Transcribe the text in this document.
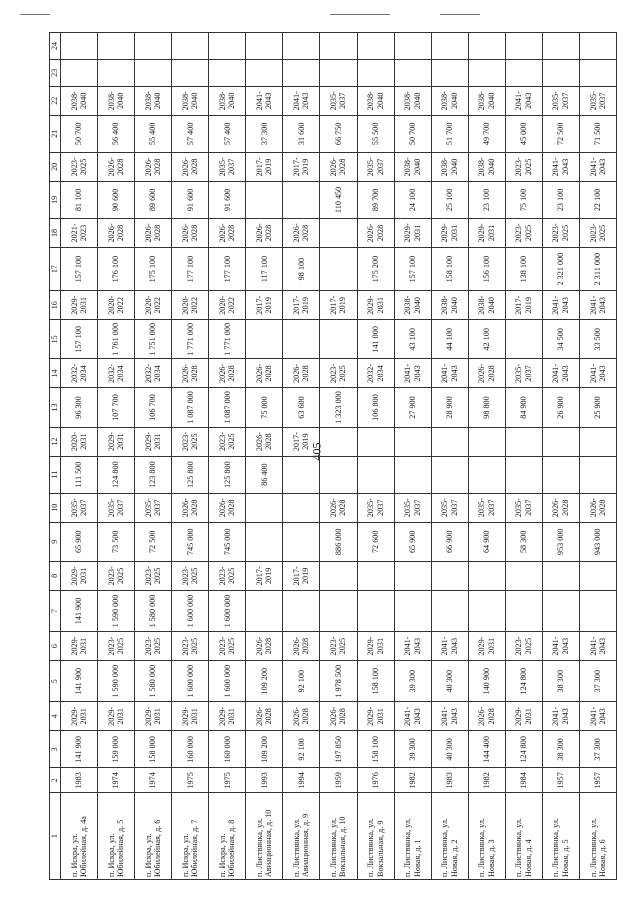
405
1	2	3	4	5	6	7	8	9	10	11	12	13	14	15	16	17	18	19	20	21	22	23	24
п. Искра, ул. Юбилейная, д. 4а	1983	141 900	2029-2031	141 900	2029-2031	141 900	2029-2031	65 900	2035-2037	111 500	2020-2031	96 300	2032-2034	157 100	2029-2031	157 100	2021-2023	81 100	2023-2025	50 700	2038-2040		
п. Искра, ул. Юбилейная, д. 5	1974	159 000	2029-2031	1 590 000	2023-2025	1 590 000	2023-2025	73 500	2035-2037	124 800	2029-2031	107 700	2032-2034	1 761 000	2020-2022	176 100	2026-2028	90 600	2026-2028	56 400	2038-2040		
п. Искра, ул. Юбилейная, д. 6	1974	158 000	2029-2031	1 580 000	2023-2025	1 580 000	2023-2025	72 500	2035-2037	123 800	2029-2031	106 700	2032-2034	1 751 000	2020-2022	175 100	2026-2028	89 600	2026-2028	55 400	2038-2040		
п. Искра, ул. Юбилейная, д. 7	1975	160 000	2029-2031	1 600 000	2023-2025	1 600 000	2023-2025	745 000	2026-2028	125 800	2023-2025	1 087 000	2026-2028	1 771 000	2020-2022	177 100	2026-2028	91 600	2026-2028	57 400	2038-2040		
п. Искра, ул. Юбилейная, д. 8	1975	160 000	2029-2031	1 600 000	2023-2025	1 600 000	2023-2025	745 000	2026-2028	125 800	2023-2025	1 087 000	2026-2028	1 771 000	2020-2022	177 100	2026-2028	91 600	2035-2037	57 400	2038-2040		
п. Листвянка, ул. Авиационная, д. 10	1993	109 200	2026-2028	109 200	2026-2028		2017-2019			86 400	2026-2028	75 000	2026-2028		2017-2019	117 100	2026-2028		2017-2019	37 300	2041-2043		
п. Листвянка, ул. Авиационная, д. 9	1994	92 100	2026-2028	92 100	2026-2028		2017-2019				2017-2019	63 600	2026-2028		2017-2019	98 100	2026-2028		2017-2019	31 600	2041-2043		
п. Листвянка, ул. Вокзальная, д. 10	1959	197 850	2026-2028	1 978 500	2023-2025			886 000	2026-2028			1 323 000	2023-2025		2017-2019			110 450	2026-2028	66 750	2035-2037		
п. Листвянка, ул. Вокзальная, д. 9	1976	158 100	2029-2031	158 100	2029-2031			72 600	2035-2037			106 800	2032-2034	141 000	2029-2031	175 200	2026-2028	89 700	2035-2037	55 500	2038-2040		
п. Листвянка, ул. Новая, д. 1	1982	39 300	2041-2043	39 300	2041-2043			65 900	2035-2037			27 900	2041-2043	43 100	2038-2040	157 100	2029-2031	24 100	2038-2040	50 700	2038-2040		
п. Листвянка, ул. Новая, д. 2	1983	40 300	2041-2043	40 300	2041-2043			66 900	2035-2037			28 900	2041-2043	44 100	2038-2040	158 100	2029-2031	25 100	2038-2040	51 700	2038-2040		
п. Листвянка, ул. Новая, д. 3	1982	144 400	2026-2028	140 900	2029-2031			64 900	2035-2037			98 800	2026-2028	42 100	2038-2040	156 100	2029-2031	23 100	2038-2040	49 700	2038-2040		
п. Листвянка, ул. Новая, д. 4	1984	124 800	2029-2031	124 800	2023-2025			58 300	2035-2037			84 900	2035-2037		2017-2019	138 100	2023-2025	75 100	2023-2025	45 000	2041-2043		
п. Листвянка, ул. Новая, д. 5	1957	38 300	2041-2043	38 300	2041-2043			953 000	2026-2028			26 900	2041-2043	34 500	2041-2043	2 321 000	2023-2025	23 100	2041-2043	72 500	2035-2037		
п. Листвянка, ул. Новая, д. 6	1957	37 300	2041-2043	37 300	2041-2043			943 000	2026-2028			25 900	2041-2043	33 500	2041-2043	2 311 000	2023-2025	22 100	2041-2043	71 500	2035-2037		
